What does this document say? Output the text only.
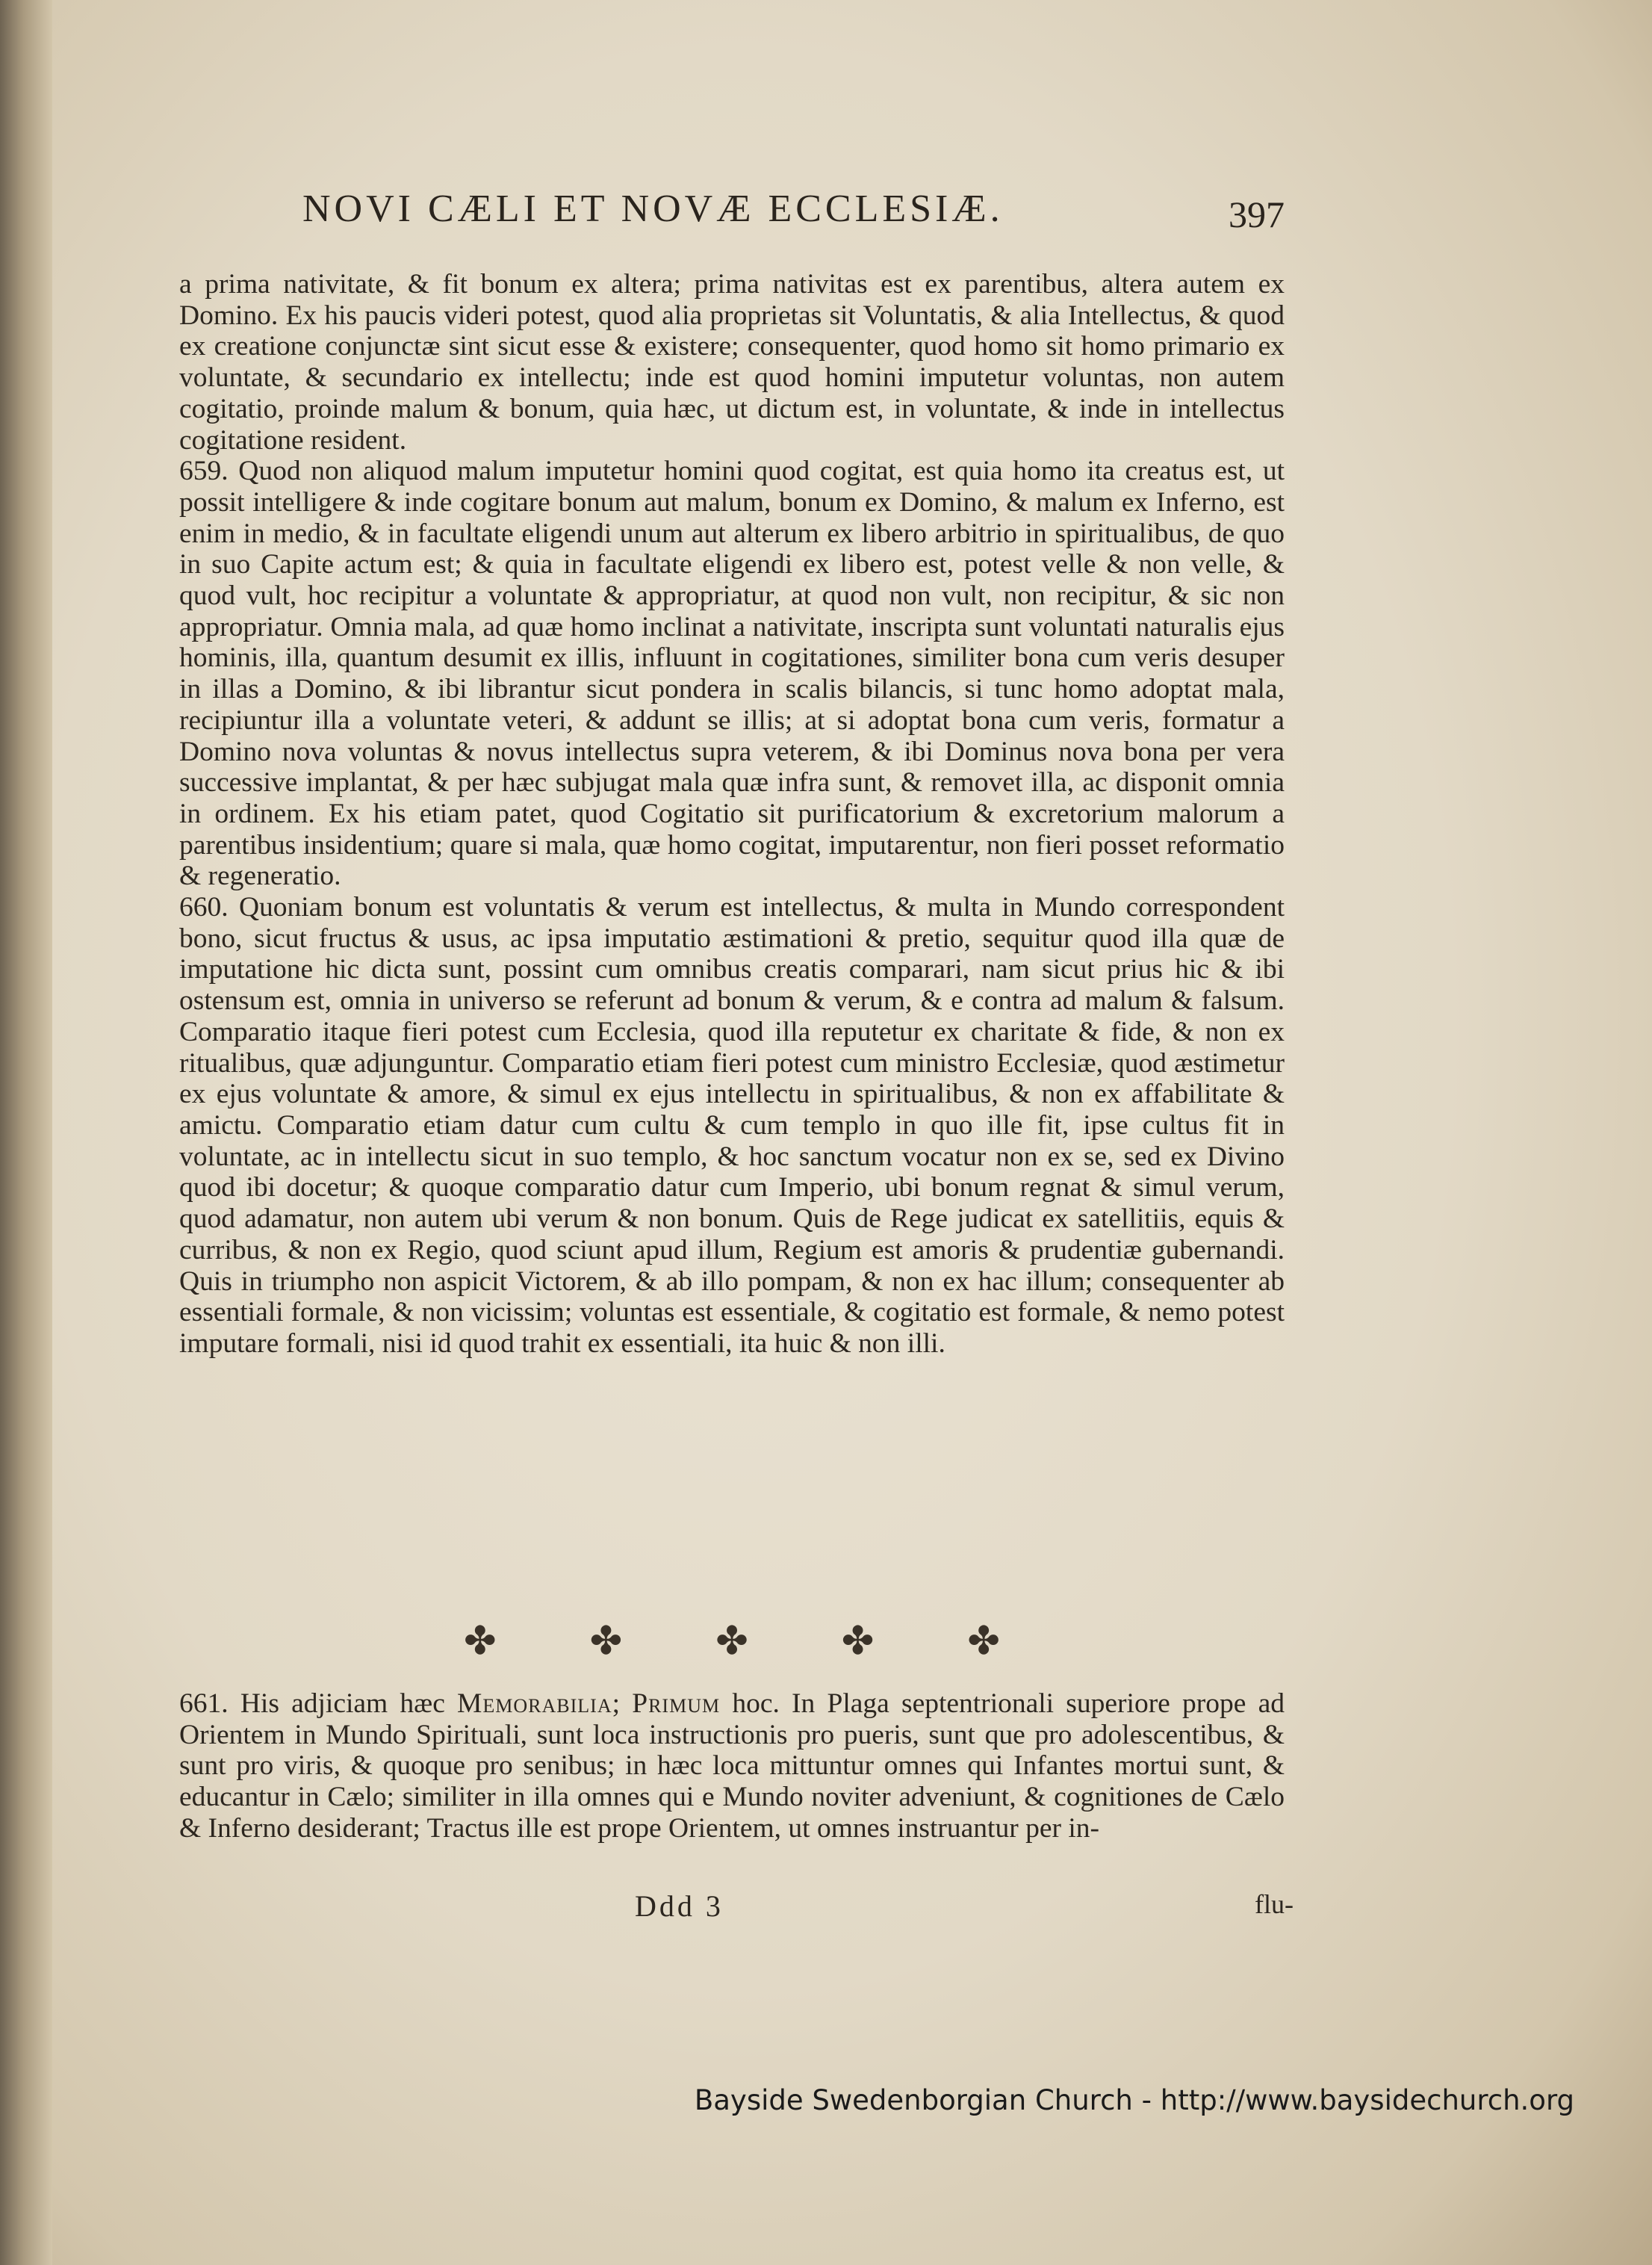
NOVI CÆLI ET NOVÆ ECCLESIÆ.	397

a prima nativitate, & fit bonum ex altera; prima nativitas est ex parentibus, altera autem ex Domino. Ex his paucis videri potest, quod alia proprietas sit Voluntatis, & alia Intellectus, & quod ex creatione conjunctæ sint sicut esse & existere; consequenter, quod homo sit homo primario ex voluntate, & secundario ex intellectu; inde est quod homini imputetur voluntas, non autem cogitatio, proinde malum & bonum, quia hæc, ut dictum est, in voluntate, & inde in intellectus cogitatione resident.

659. Quod non aliquod malum imputetur homini quod cogitat, est quia homo ita creatus est, ut possit intelligere & inde cogitare bonum aut malum, bonum ex Domino, & malum ex Inferno, est enim in medio, & in facultate eligendi unum aut alterum ex libero arbitrio in spiritualibus, de quo in suo Capite actum est; & quia in facultate eligendi ex libero est, potest velle & non velle, & quod vult, hoc recipitur a voluntate & appropriatur, at quod non vult, non recipitur, & sic non appropriatur. Omnia mala, ad quæ homo inclinat a nativitate, inscripta sunt voluntati naturalis ejus hominis, illa, quantum desumit ex illis, influunt in cogitationes, similiter bona cum veris desuper in illas a Domino, & ibi librantur sicut pondera in scalis bilancis, si tunc homo adoptat mala, recipiuntur illa a voluntate veteri, & addunt se illis; at si adoptat bona cum veris, formatur a Domino nova voluntas & novus intellectus supra veterem, & ibi Dominus nova bona per vera successive implantat, & per hæc subjugat mala quæ infra sunt, & removet illa, ac disponit omnia in ordinem. Ex his etiam patet, quod Cogitatio sit purificatorium & excretorium malorum a parentibus insidentium; quare si mala, quæ homo cogitat, imputarentur, non fieri posset reformatio & regeneratio.

660. Quoniam bonum est voluntatis & verum est intellectus, & multa in Mundo correspondent bono, sicut fructus & usus, ac ipsa imputatio æstimationi & pretio, sequitur quod illa quæ de imputatione hic dicta sunt, possint cum omnibus creatis comparari, nam sicut prius hic & ibi ostensum est, omnia in universo se referunt ad bonum & verum, & e contra ad malum & falsum. Comparatio itaque fieri potest cum Ecclesia, quod illa reputetur ex charitate & fide, & non ex ritualibus, quæ adjunguntur. Comparatio etiam fieri potest cum ministro Ecclesiæ, quod æstimetur ex ejus voluntate & amore, & simul ex ejus intellectu in spiritualibus, & non ex affabilitate & amictu. Comparatio etiam datur cum cultu & cum templo in quo ille fit, ipse cultus fit in voluntate, ac in intellectu sicut in suo templo, & hoc sanctum vocatur non ex se, sed ex Divino quod ibi docetur; & quoque comparatio datur cum Imperio, ubi bonum regnat & simul verum, quod adamatur, non autem ubi verum & non bonum. Quis de Rege judicat ex satellitiis, equis & curribus, & non ex Regio, quod sciunt apud illum, Regium est amoris & prudentiæ gubernandi. Quis in triumpho non aspicit Victorem, & ab illo pompam, & non ex hac illum; consequenter ab essentiali formale, & non vicissim; voluntas est essentiale, & cogitatio est formale, & nemo potest imputare formali, nisi id quod trahit ex essentiali, ita huic & non illi.

✤ ✤ ✤ ✤ ✤

661. His adjiciam hæc Memorabilia; Primum hoc. In Plaga septentrionali superiore prope ad Orientem in Mundo Spirituali, sunt loca instructionis pro pueris, sunt que pro adolescentibus, & sunt pro viris, & quoque pro senibus; in hæc loca mittuntur omnes qui Infantes mortui sunt, & educantur in Cælo; similiter in illa omnes qui e Mundo noviter adveniunt, & cognitiones de Cælo & Inferno desiderant; Tractus ille est prope Orientem, ut omnes instruantur per in-

Ddd 3	flu-
Bayside Swedenborgian Church - http://www.baysidechurch.org
